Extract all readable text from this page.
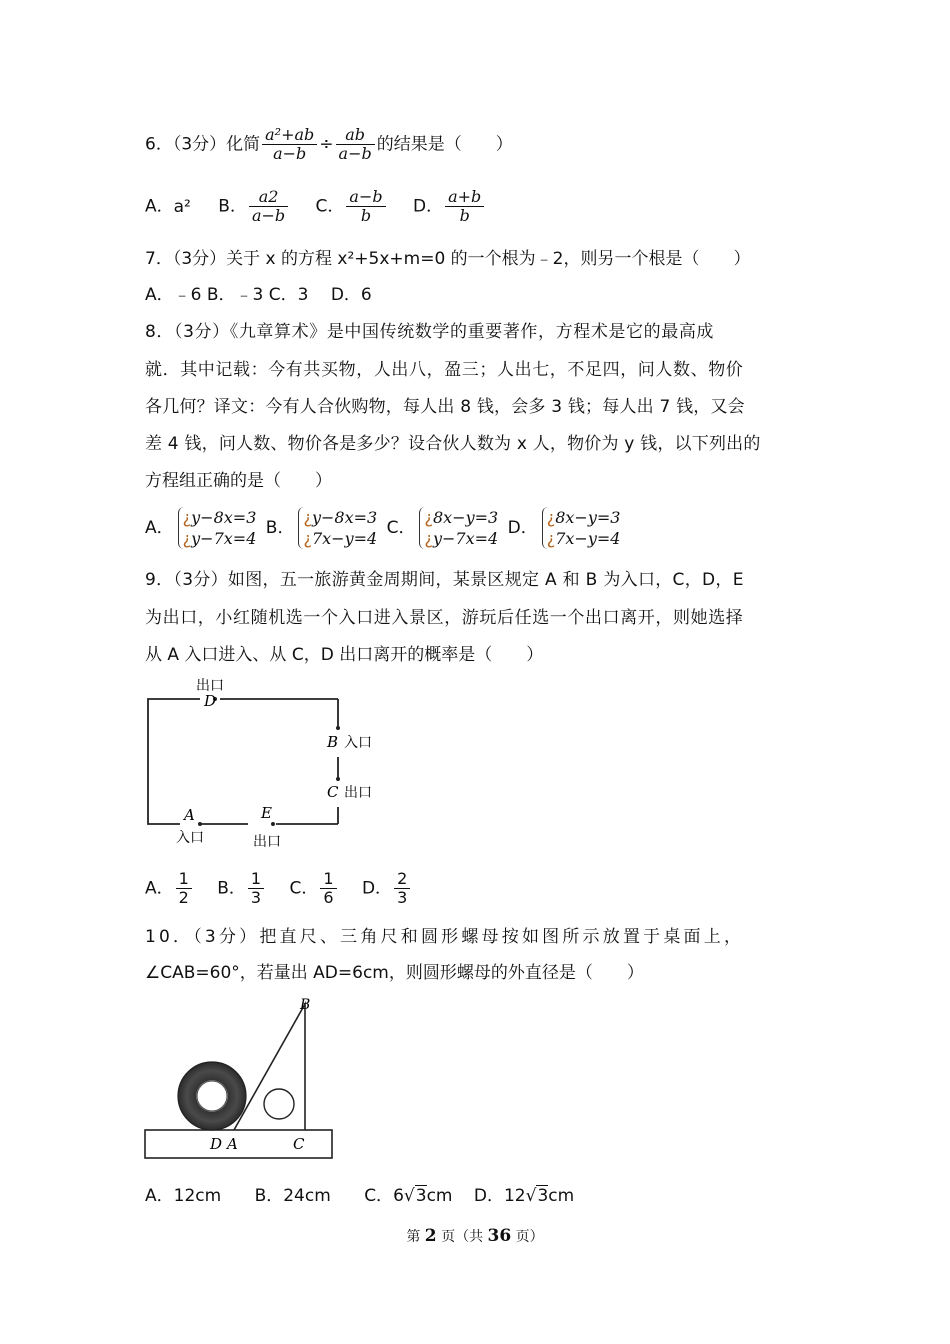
6．（3分）化简 $\frac{\text{a²+ab}}{a-b} \div \frac{ab}{a-b}$ 的结果是（　　）
A．a² B． $\frac{a2}{a-b}$ C． $\frac{a-b}{b}$ D． $\frac{a+b}{b}$
7．（3分）关于 x 的方程 x²+5x+m=0 的一个根为﹣2，则另一个根是（　　）
A．﹣6 B．﹣3 C．3　 D．6
8．（3分）《九章算术》是中国传统数学的重要著作，方程术是它的最高成
就．其中记载：今有共买物，人出八，盈三；人出七，不足四，问人数、物价
各几何？译文：今有人合伙购物，每人出 8 钱，会多 3 钱；每人出 7 钱，又会
差 4 钱，问人数、物价各是多少？设合伙人数为 x 人，物价为 y 钱，以下列出的
方程组正确的是（　　）
A．¿y−8x=3
¿y−7x=4 B．¿y−8x=3
¿7x−y=4 C．¿8x−y=3
¿y−7x=4 D．¿8x−y=3
¿7x−y=4
9．（3分）如图，五一旅游黄金周期间，某景区规定 A 和 B 为入口，C，D，E
为出口，小红随机选一个入口进入景区，游玩后任选一个出口离开，则她选择
从 A 入口进入、从 C，D 出口离开的概率是（　　）
出口
D
B 入口
C 出口
A
入口
E
出口
A． $\frac{1}{2}$ B． $\frac{1}{3}$ C． $\frac{1}{6}$ D． $\frac{2}{3}$
10．（3分）把直尺、三角尺和圆形螺母按如图所示放置于桌面上，
∠CAB=60°，若量出 AD=6cm，则圆形螺母的外直径是（　　）
B
D A	C
A．12cm B．24cm C．6√3cm D．12√3cm
第 2 页（共 36 页）
